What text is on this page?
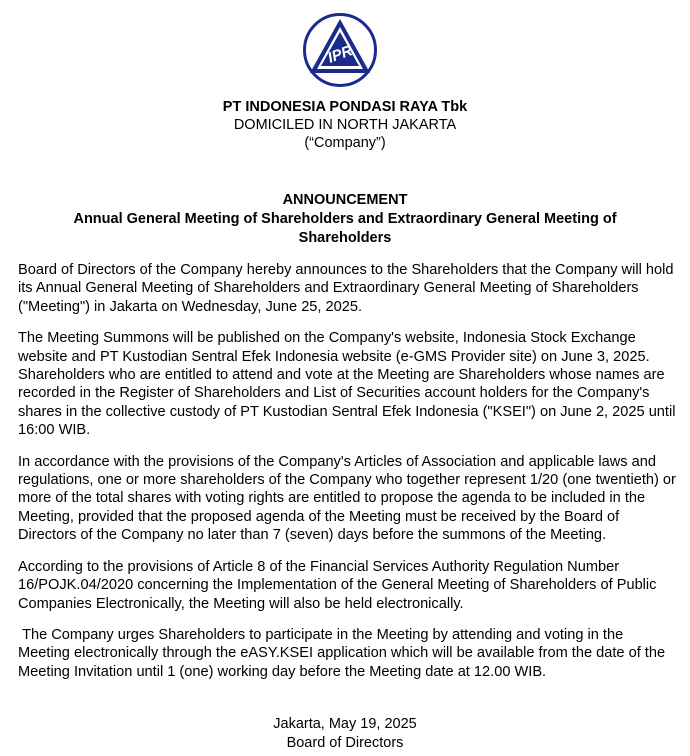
IPR
PT INDONESIA PONDASI RAYA Tbk
DOMICILED IN NORTH JAKARTA
(“Company”)
ANNOUNCEMENT
Annual General Meeting of Shareholders and Extraordinary General Meeting of Shareholders

Board of Directors of the Company hereby announces to the Shareholders that the Company will hold its Annual General Meeting of Shareholders and Extraordinary General Meeting of Shareholders ("Meeting") in Jakarta on Wednesday, June 25, 2025.

The Meeting Summons will be published on the Company's website, Indonesia Stock Exchange website and PT Kustodian Sentral Efek Indonesia website (e-GMS Provider site) on June 3, 2025. Shareholders who are entitled to attend and vote at the Meeting are Shareholders whose names are recorded in the Register of Shareholders and List of Securities account holders for the Company's shares in the collective custody of PT Kustodian Sentral Efek Indonesia ("KSEI") on June 2, 2025 until 16:00 WIB.

In accordance with the provisions of the Company's Articles of Association and applicable laws and regulations, one or more shareholders of the Company who together represent 1/20 (one twentieth) or more of the total shares with voting rights are entitled to propose the agenda to be included in the Meeting, provided that the proposed agenda of the Meeting must be received by the Board of Directors of the Company no later than 7 (seven) days before the summons of the Meeting.

According to the provisions of Article 8 of the Financial Services Authority Regulation Number 16/POJK.04/2020 concerning the Implementation of the General Meeting of Shareholders of Public Companies Electronically, the Meeting will also be held electronically.

The Company urges Shareholders to participate in the Meeting by attending and voting in the Meeting electronically through the eASY.KSEI application which will be available from the date of the Meeting Invitation until 1 (one) working day before the Meeting date at 12.00 WIB.

Jakarta, May 19, 2025
Board of Directors
